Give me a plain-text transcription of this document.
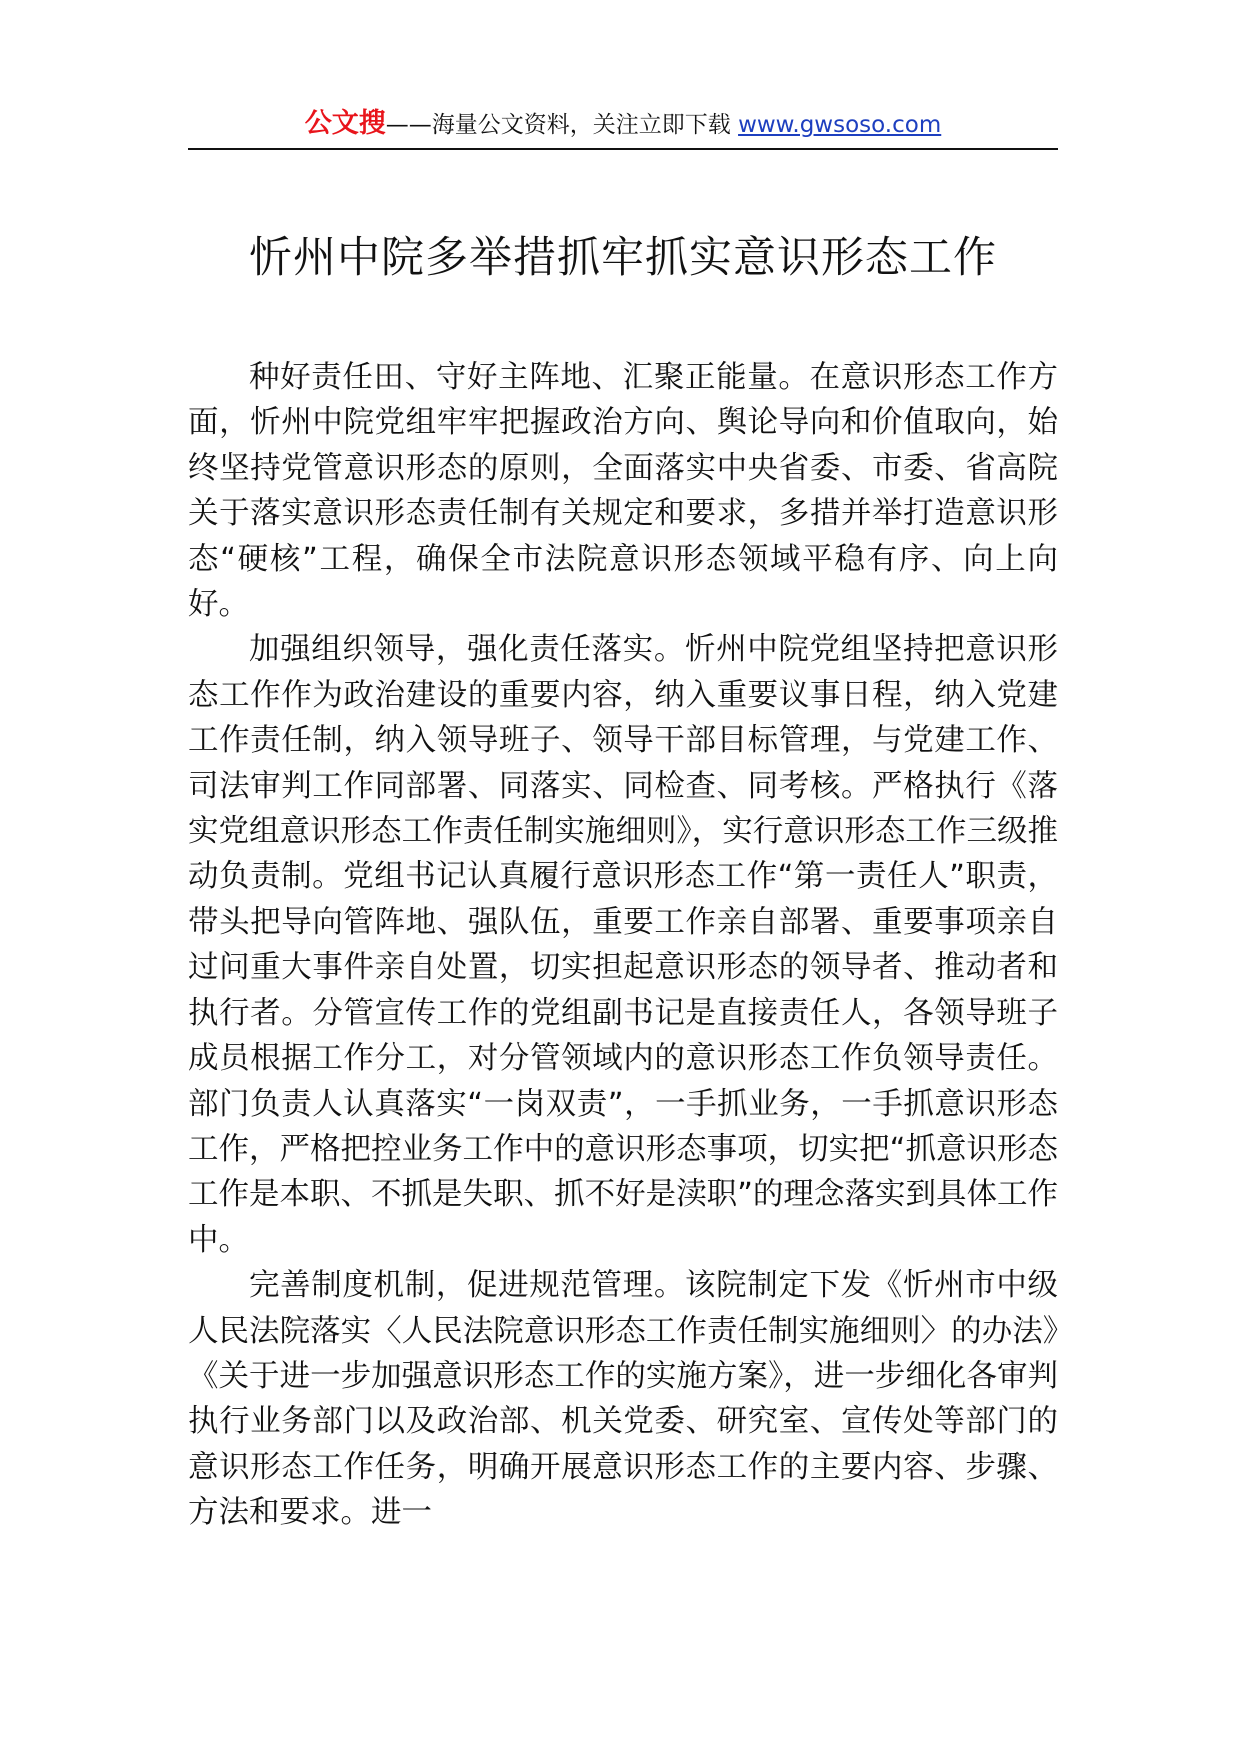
公文搜——海量公文资料，关注立即下载 www.gwsoso.com
忻州中院多举措抓牢抓实意识形态工作

种好责任田、守好主阵地、汇聚正能量。在意识形态工作方面，忻州中院党组牢牢把握政治方向、舆论导向和价值取向，始终坚持党管意识形态的原则，全面落实中央省委、市委、省高院关于落实意识形态责任制有关规定和要求，多措并举打造意识形态“硬核”工程，确保全市法院意识形态领域平稳有序、向上向好。

加强组织领导，强化责任落实。忻州中院党组坚持把意识形态工作作为政治建设的重要内容，纳入重要议事日程，纳入党建工作责任制，纳入领导班子、领导干部目标管理，与党建工作、司法审判工作同部署、同落实、同检查、同考核。严格执行《落实党组意识形态工作责任制实施细则》，实行意识形态工作三级推动负责制。党组书记认真履行意识形态工作“第一责任人”职责，带头把导向管阵地、强队伍，重要工作亲自部署、重要事项亲自过问重大事件亲自处置，切实担起意识形态的领导者、推动者和执行者。分管宣传工作的党组副书记是直接责任人，各领导班子成员根据工作分工，对分管领域内的意识形态工作负领导责任。部门负责人认真落实“一岗双责”，一手抓业务，一手抓意识形态工作，严格把控业务工作中的意识形态事项，切实把“抓意识形态工作是本职、不抓是失职、抓不好是渎职”的理念落实到具体工作中。

完善制度机制，促进规范管理。该院制定下发《忻州市中级人民法院落实〈人民法院意识形态工作责任制实施细则〉的办法》《关于进一步加强意识形态工作的实施方案》，进一步细化各审判执行业务部门以及政治部、机关党委、研究室、宣传处等部门的意识形态工作任务，明确开展意识形态工作的主要内容、步骤、方法和要求。进一
